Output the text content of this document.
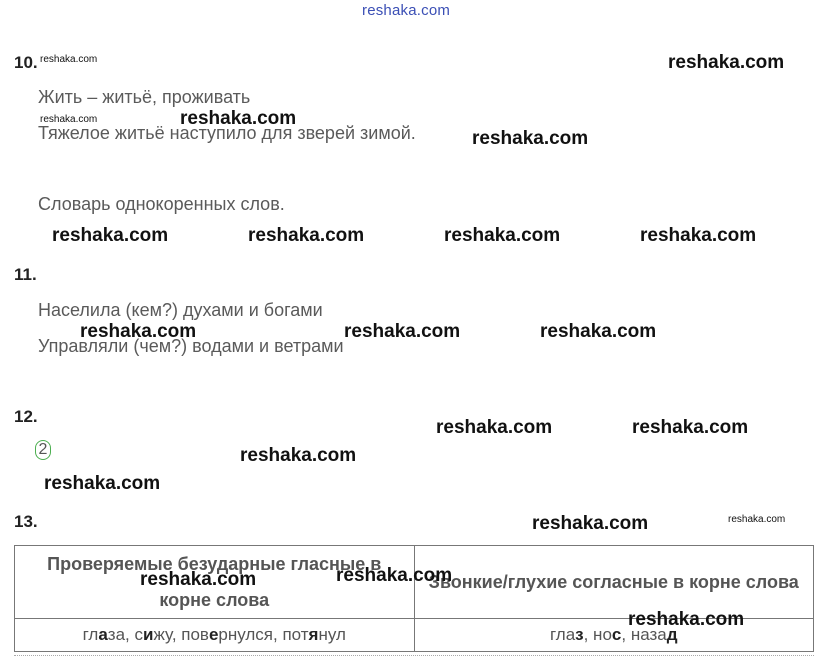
reshaka.com
10.
Жить – житьё, проживать
Тяжелое житьё наступило для зверей зимой.
Словарь однокоренных слов.
11.
Населила (кем?) духами и богами
Управляли (чем?) водами и ветрами
12.
2
13.
Проверяемые безударные гласные в корне слова	Звонкие/глухие согласные в корне слова
глаза, сижу, повернулся, потянул	глаз, нос, назад
reshaka.com	reshaka.com
reshaka.com	reshaka.com
reshaka.com
reshaka.com	reshaka.com	reshaka.com	reshaka.com
reshaka.com	reshaka.com	reshaka.com
reshaka.com	reshaka.com
reshaka.com
reshaka.com
reshaka.com	reshaka.com
reshaka.com
reshaka.com
reshaka.com
